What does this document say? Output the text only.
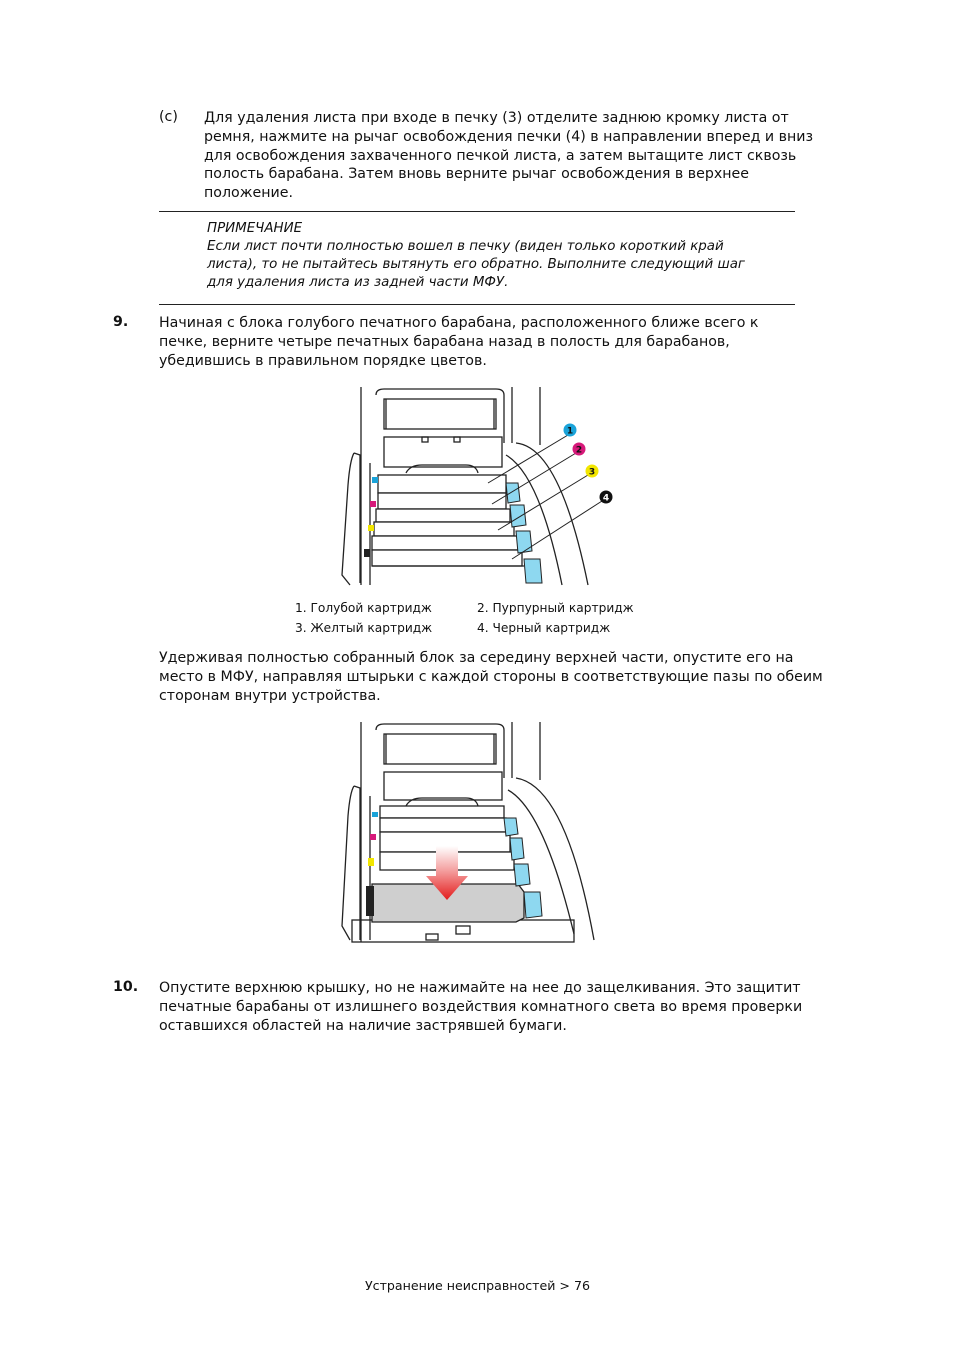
(c) Для удаления листа при входе в печку (3) отделите заднюю кромку листа от
ремня, нажмите на рычаг освобождения печки (4) в направлении вперед и вниз
для освобождения захваченного печкой листа, а затем вытащите лист сквозь
полость барабана. Затем вновь верните рычаг освобождения в верхнее
положение.
ПРИМЕЧАНИЕ
Если лист почти полностью вошел в печку (виден только короткий край
листа), то не пытайтесь вытянуть его обратно. Выполните следующий шаг
для удаления листа из задней части МФУ.
9. Начиная с блока голубого печатного барабана, расположенного ближе всего к
печке, верните четыре печатных барабана назад в полость для барабанов,
убедившись в правильном порядке цветов.
1
2
3
4
1. Голубой картридж	2. Пурпурный картридж
3. Желтый картридж	4. Черный картридж
Удерживая полностью собранный блок за середину верхней части, опустите его на
место в МФУ, направляя штырьки с каждой стороны в соответствующие пазы по обеим
сторонам внутри устройства.
10. Опустите верхнюю крышку, но не нажимайте на нее до защелкивания. Это защитит
печатные барабаны от излишнего воздействия комнатного света во время проверки
оставшихся областей на наличие застрявшей бумаги.
Устранение неисправностей > 76
